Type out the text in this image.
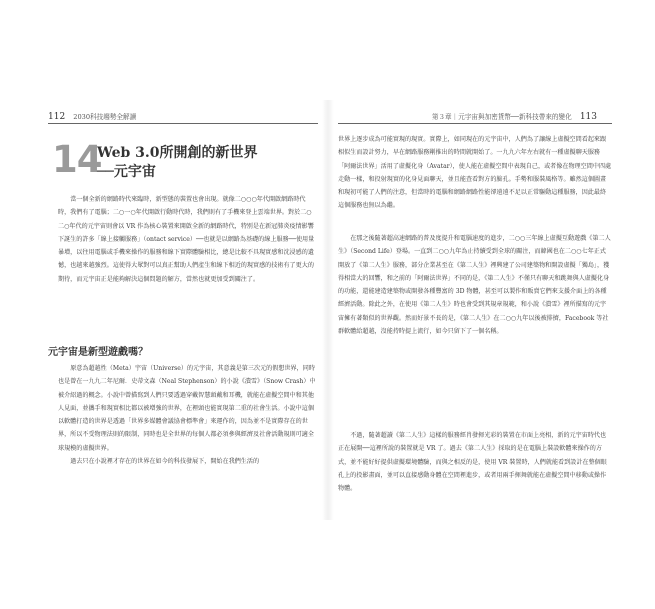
112 2030科技趨勢全解讀
14
Web 3.0所開創的新世界
──元宇宙

當一個全新的網路時代來臨時，新型態的裝置也會出現。就像二○○○年代開啟網路時代時，我們有了電腦；二○一○年代開啟行動時代時，我們則有了手機來登上雲端世界。對於二○二○年代的元宇宙則會以 VR 作為核心裝置來開啟全新的網路時代，特別是在新冠肺炎疫情影響下誕生的許多「線上接觸服務」（ontact service）──也就是以網路為基礎的線上服務──使用量暴增，以往用電腦或手機來操作的服務和線下實際體驗相比，總是比較不具現實感和沈浸感的遺憾，也越來越強烈。這使得大眾對可以真正幫助人們產生和線下相近的現實感的技術有了更大的期待，而元宇宙正是能夠解決這個問題的解方，當然也就更加受到關注了。

元宇宙是新型遊戲嗎？

原意為超越性（Meta）宇宙（Universe）的元宇宙，其意義是第三次元的假想世界，同時也是曾在一九九二年尼爾．史蒂文森（Neal Stephenson）的小說《潰雪》（Snow Crash）中被介紹過的概念。小說中曾描寫到人們只要透過穿戴智慧頭戴和耳機，就能在虛擬空間中和其他人見面，並攜手和現實相比都以被增強的世界，在裡頭也能實現第二重的社會生活。小說中這個以軟體打造的世界是透過「世界多媒體會議協會標準會」來運作的，因為並不是實際存在的世界，所以不受物理法則的限制，同時也是全世界的每個人都必須參與經濟及社會活動規則可適全球規模的虛擬世界。

過去只在小說裡才存在的世界在如今的科技發展下，開始在我們生活的

第３章｜元宇宙與加密貨幣──新科技帶來的變化 113

世界上逐步成為可能實現的現實。實際上，如同現在的元宇宙中，人們為了讓線上虛擬空間看起來跟相似生而設計努力，早在網路服務剛推出的時間就開始了。一九九六年左右就有一種虛擬聊天服務「阿爾法世界」活用了虛擬化身（Avatar），使人能在虛擬空間中表現自己，或者像在物理空間中四處走動一樣，和投射現實的化身見面聊天，並且能查看對方的臉孔。手勢和服裝風格等。雖然這個圖畫和現初可能了人們的注意，但當時的電腦和網路網路性能卻遠遠不足以正常驅動這種服務，因此最終這個服務也無以為繼。

在那之後隨著超高速網路的普及度提升和電腦速度的進步，二○○三年線上虛擬互動遊戲《第二人生》（Second Life）登場。一直到二○○九年為止持續受到全球的關注，而韓國也在二○○七年正式開放了《第二人生》服務，部分企業甚至在《第二人生》裡興建了公司建築物和開設虛擬「獨島」，獲得相當大的回響，和之前的「阿爾法世界」不同的是，《第二人生》不僅只有聊天和跳舞與人虛擬化身的功能，還能建造建築物或開發各種豐富的 3D 物體，甚至可以製作和販賣它們來支援介面上的各種經濟活動。除此之外，在使用《第二人生》時也會受到其規章規範，和小說《潰雪》裡所描寫的元宇宙擁有著類似的世界觀。然而好景不長的是，《第二人生》在二○○九年以後被排擠，Facebook 等社群軟體給超越，沒能持時提上流行，如今只留下了一個名稱。

不過，隨著超讀《第二人生》這樣的服務經肖發揮光彩的裝置在市面上亮相，新的元宇宙時代也正在展開──這裡所說的裝置就是 VR 了。過去《第二人生》採取的是在電腦上裝設軟體來操作的方式，並不能好好提供虛擬環境體驗，而與之相反的是，使用 VR 裝置時，人們就能看到設計在整個眼孔上的投影畫面，並可以直接感動身體在空間裡進步，或者用兩手揮舞就能在虛擬空間中移動或操作物體。
